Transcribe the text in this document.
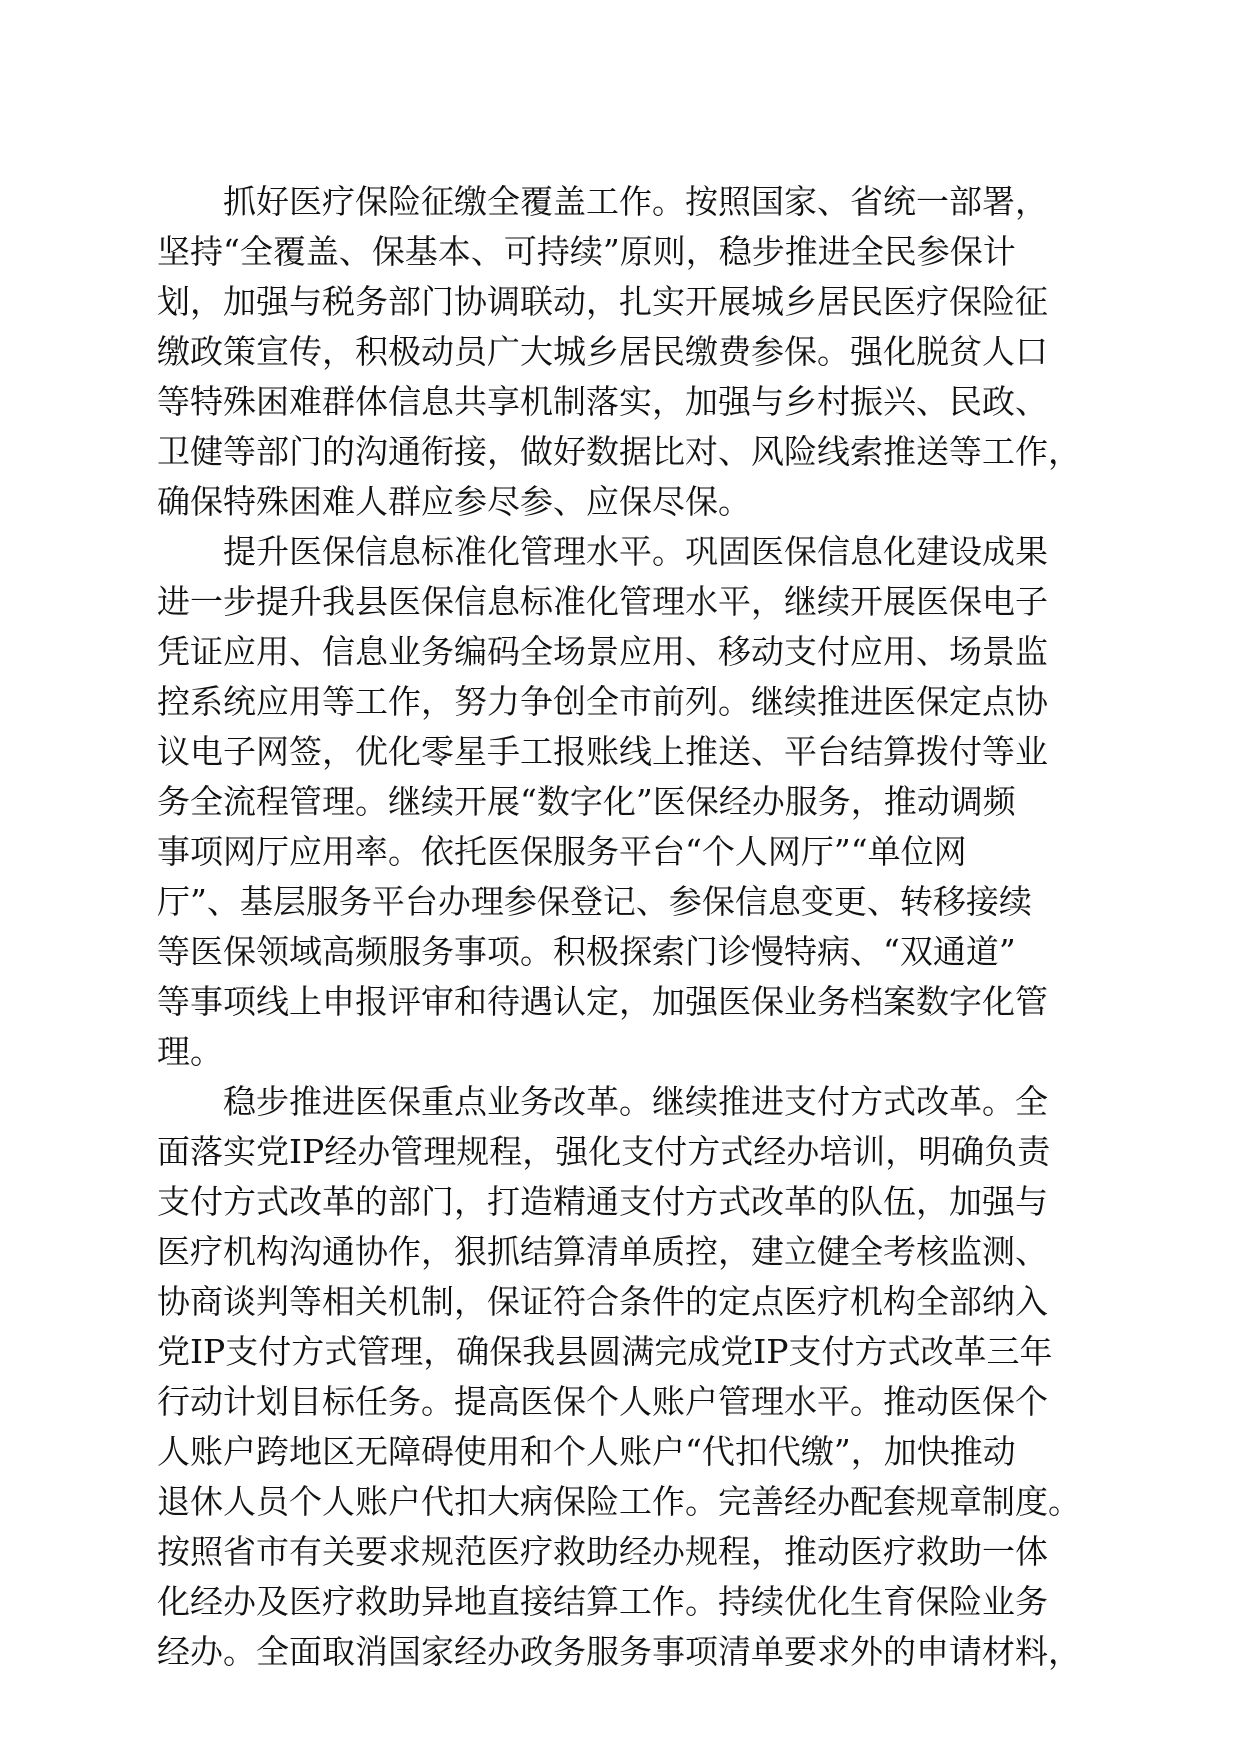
抓好医疗保险征缴全覆盖工作。按照国家、省统一部署，
坚持“全覆盖、保基本、可持续”原则，稳步推进全民参保计
划，加强与税务部门协调联动，扎实开展城乡居民医疗保险征
缴政策宣传，积极动员广大城乡居民缴费参保。强化脱贫人口
等特殊困难群体信息共享机制落实，加强与乡村振兴、民政、
卫健等部门的沟通衔接，做好数据比对、风险线索推送等工作，
确保特殊困难人群应参尽参、应保尽保。
提升医保信息标准化管理水平。巩固医保信息化建设成果
进一步提升我县医保信息标准化管理水平，继续开展医保电子
凭证应用、信息业务编码全场景应用、移动支付应用、场景监
控系统应用等工作，努力争创全市前列。继续推进医保定点协
议电子网签，优化零星手工报账线上推送、平台结算拨付等业
务全流程管理。继续开展“数字化”医保经办服务，推动调频
事项网厅应用率。依托医保服务平台“个人网厅”“单位网
厅”、基层服务平台办理参保登记、参保信息变更、转移接续
等医保领域高频服务事项。积极探索门诊慢特病、“双通道”
等事项线上申报评审和待遇认定，加强医保业务档案数字化管
理。
稳步推进医保重点业务改革。继续推进支付方式改革。全
面落实党IP经办管理规程，强化支付方式经办培训，明确负责
支付方式改革的部门，打造精通支付方式改革的队伍，加强与
医疗机构沟通协作，狠抓结算清单质控，建立健全考核监测、
协商谈判等相关机制，保证符合条件的定点医疗机构全部纳入
党IP支付方式管理，确保我县圆满完成党IP支付方式改革三年
行动计划目标任务。提高医保个人账户管理水平。推动医保个
人账户跨地区无障碍使用和个人账户“代扣代缴”，加快推动
退休人员个人账户代扣大病保险工作。完善经办配套规章制度。
按照省市有关要求规范医疗救助经办规程，推动医疗救助一体
化经办及医疗救助异地直接结算工作。持续优化生育保险业务
经办。全面取消国家经办政务服务事项清单要求外的申请材料，
